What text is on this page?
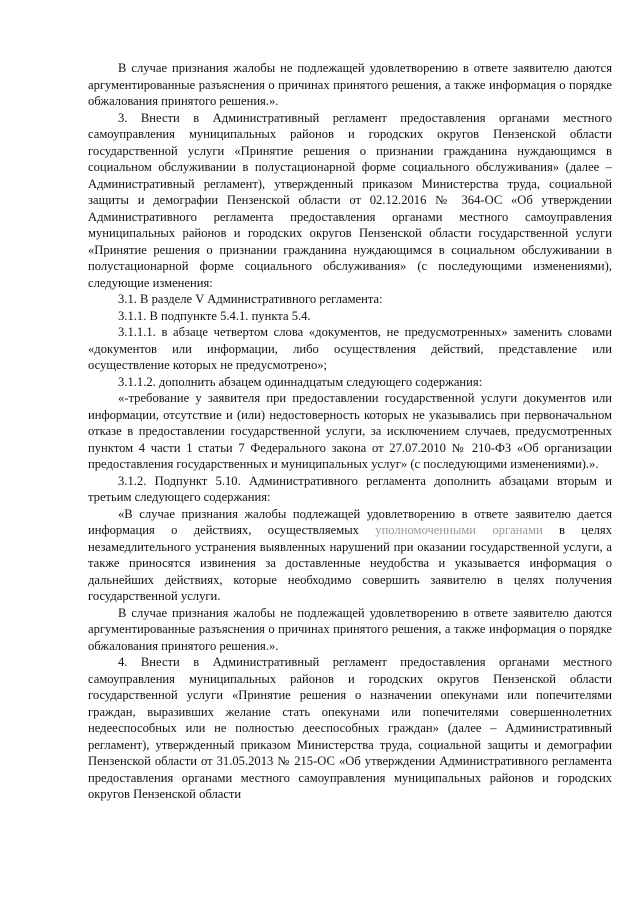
В случае признания жалобы не подлежащей удовлетворению в ответе заявителю даются аргументированные разъяснения о причинах принятого решения, а также информация о порядке обжалования принятого решения.».

3. Внести в Административный регламент предоставления органами местного самоуправления муниципальных районов и городских округов Пензенской области государственной услуги «Принятие решения о признании гражданина нуждающимся в социальном обслуживании в полустационарной форме социального обслуживания» (далее – Административный регламент), утвержденный приказом Министерства труда, социальной защиты и демографии Пензенской области от 02.12.2016 № 364-ОС «Об утверждении Административного регламента предоставления органами местного самоуправления муниципальных районов и городских округов Пензенской области государственной услуги «Принятие решения о признании гражданина нуждающимся в социальном обслуживании в полустационарной форме социального обслуживания» (с последующими изменениями), следующие изменения:

3.1. В разделе V Административного регламента:

3.1.1. В подпункте 5.4.1. пункта 5.4.

3.1.1.1. в абзаце четвертом слова «документов, не предусмотренных» заменить словами «документов или информации, либо осуществления действий, представление или осуществление которых не предусмотрено»;

3.1.1.2. дополнить абзацем одиннадцатым следующего содержания:

«-требование у заявителя при предоставлении государственной услуги документов или информации, отсутствие и (или) недостоверность которых не указывались при первоначальном отказе в предоставлении государственной услуги, за исключением случаев, предусмотренных пунктом 4 части 1 статьи 7 Федерального закона от 27.07.2010 № 210-ФЗ «Об организации предоставления государственных и муниципальных услуг» (с последующими изменениями).».

3.1.2. Подпункт 5.10. Административного регламента дополнить абзацами вторым и третьим следующего содержания:

«В случае признания жалобы подлежащей удовлетворению в ответе заявителю дается информация о действиях, осуществляемых уполномоченными органами в целях незамедлительного устранения выявленных нарушений при оказании государственной услуги, а также приносятся извинения за доставленные неудобства и указывается информация о дальнейших действиях, которые необходимо совершить заявителю в целях получения государственной услуги.

В случае признания жалобы не подлежащей удовлетворению в ответе заявителю даются аргументированные разъяснения о причинах принятого решения, а также информация о порядке обжалования принятого решения.».

4. Внести в Административный регламент предоставления органами местного самоуправления муниципальных районов и городских округов Пензенской области государственной услуги «Принятие решения о назначении опекунами или попечителями граждан, выразивших желание стать опекунами или попечителями совершеннолетних недееспособных или не полностью дееспособных граждан» (далее – Административный регламент), утвержденный приказом Министерства труда, социальной защиты и демографии Пензенской области от 31.05.2013 № 215-ОС «Об утверждении Административного регламента предоставления органами местного самоуправления муниципальных районов и городских округов Пензенской области
